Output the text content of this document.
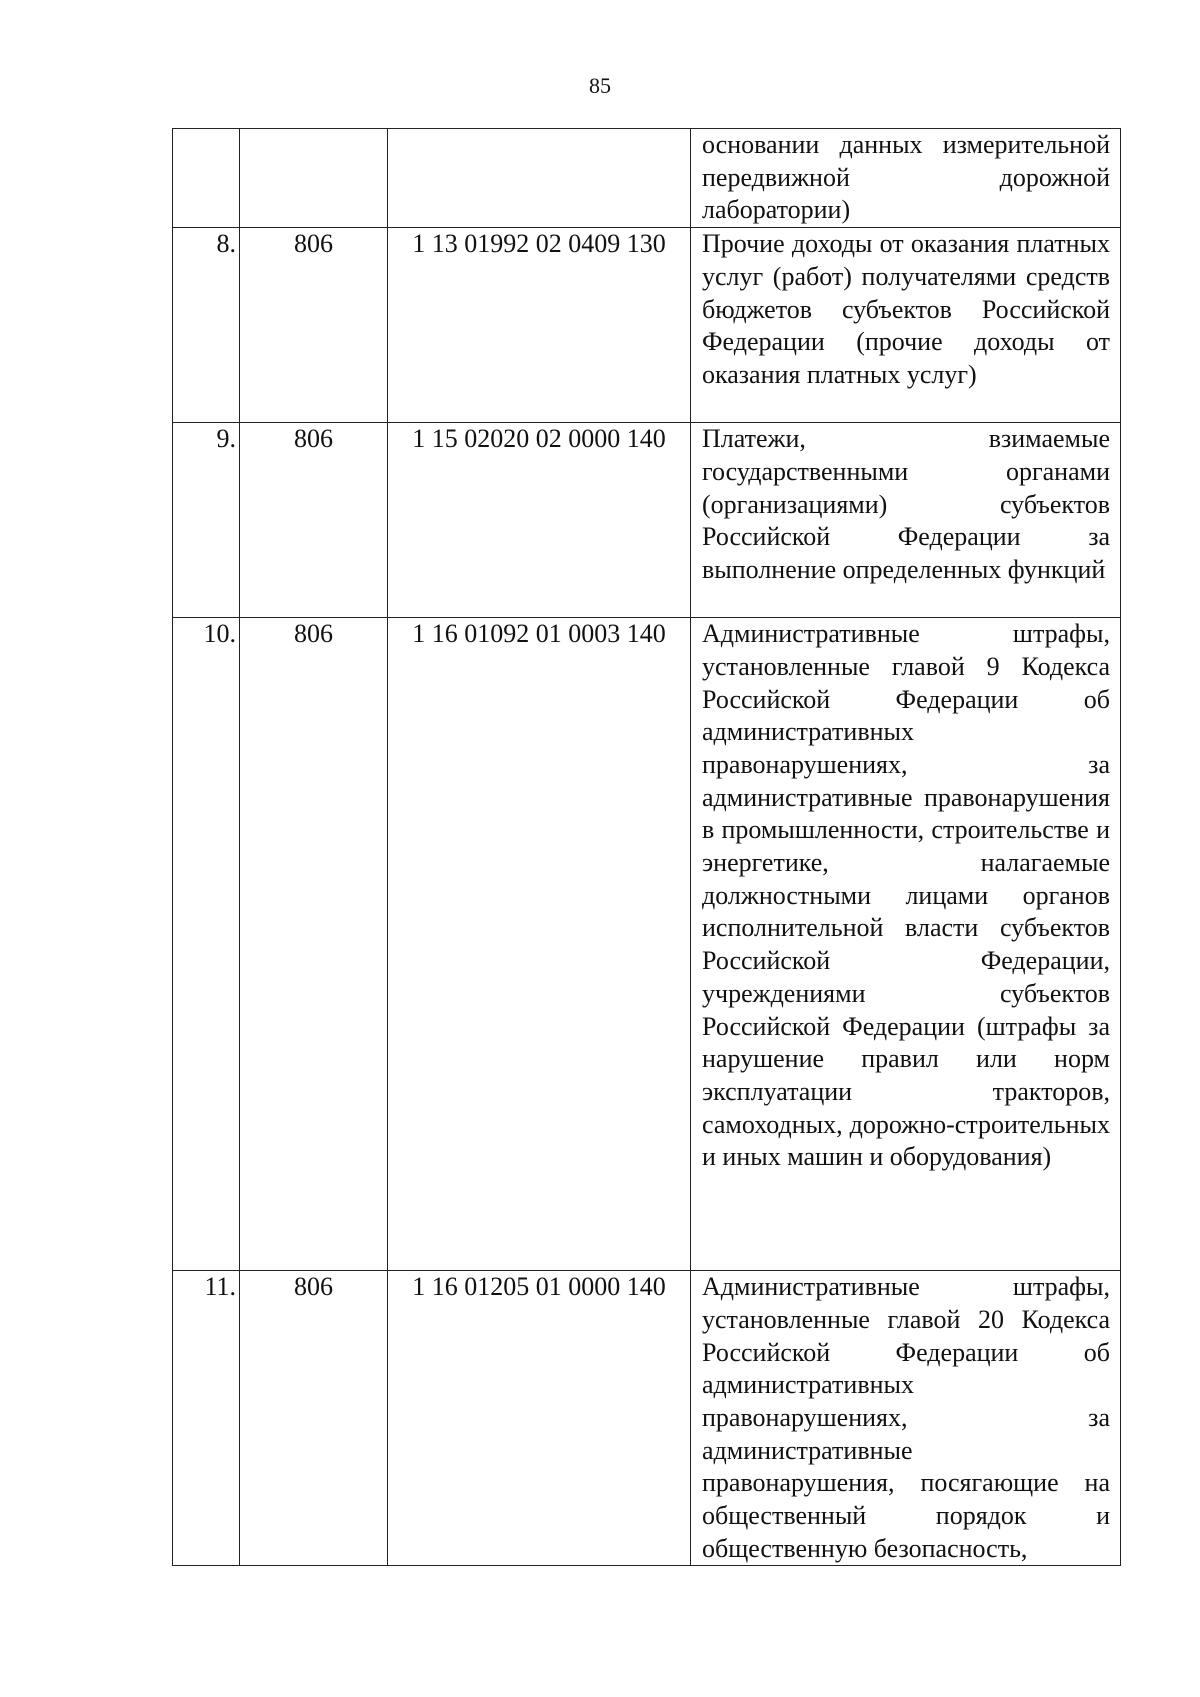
85

			основании данных измерительной передвижной дорожной лаборатории)

8.	806	1 13 01992 02 0409 130	Прочие доходы от оказания платных услуг (работ) получателями средств бюджетов субъектов Российской Федерации (прочие доходы от оказания платных услуг)

9.	806	1 15 02020 02 0000 140	Платежи, взимаемые государственными органами (организациями) субъектов Российской Федерации за выполнение определенных функций

10.	806	1 16 01092 01 0003 140	Административные штрафы, установленные главой 9 Кодекса Российской Федерации об административных правонарушениях, за административные правонарушения в промышленности, строительстве и энергетике, налагаемые должностными лицами органов исполнительной власти субъектов Российской Федерации, учреждениями субъектов Российской Федерации (штрафы за нарушение правил или норм эксплуатации тракторов, самоходных, дорожно-строительных и иных машин и оборудования)

11.	806	1 16 01205 01 0000 140	Административные штрафы, установленные главой 20 Кодекса Российской Федерации об административных правонарушениях, за административные правонарушения, посягающие на общественный порядок и общественную безопасность,
